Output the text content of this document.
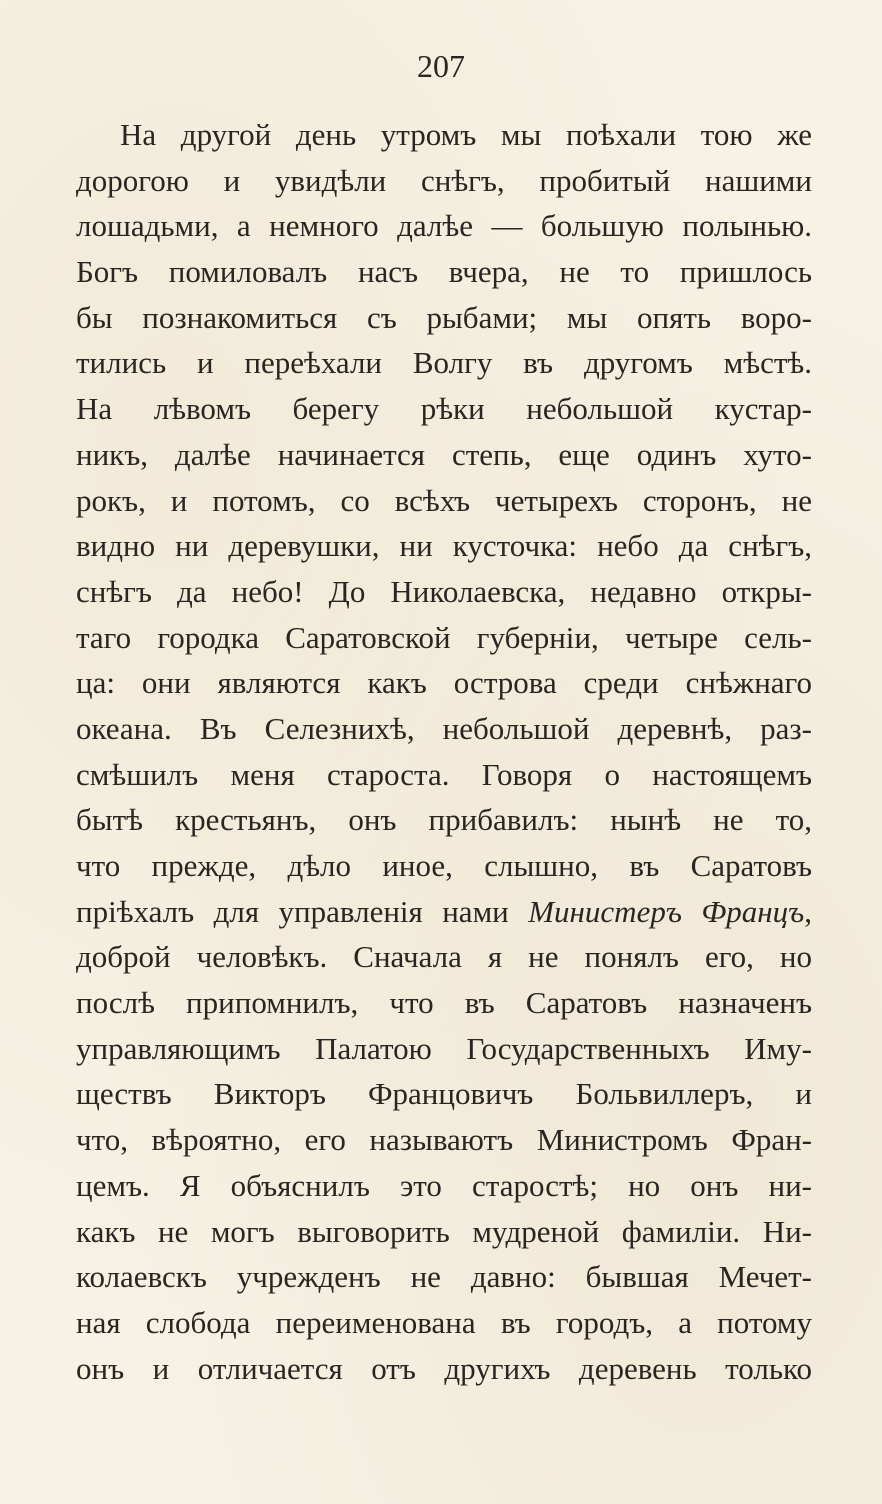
207
На другой день утромъ мы поѣхали тою же
дорогою и увидѣли снѣгъ, пробитый нашими
лошадьми, а немного далѣе — большую полынью.
Богъ помиловалъ насъ вчера, не то пришлось
бы познакомиться съ рыбами; мы опять воро-
тились и переѣхали Волгу въ другомъ мѣстѣ.
На лѣвомъ берегу рѣки небольшой кустар-
никъ, далѣе начинается степь, еще одинъ хуто-
рокъ, и потомъ, со всѣхъ четырехъ сторонъ, не
видно ни деревушки, ни кусточка: небо да снѣгъ,
снѣгъ да небо! До Николаевска, недавно откры-
таго городка Саратовской губерніи, четыре сель-
ца: они являются какъ острова среди снѣжнаго
океана. Въ Селезнихѣ, небольшой деревнѣ, раз-
смѣшилъ меня староста. Говоря о настоящемъ
бытѣ крестьянъ, онъ прибавилъ: нынѣ не то,
что прежде, дѣло иное, слышно, въ Саратовъ
пріѣхалъ для управленія нами Министеръ Францъ,
доброй человѣкъ. Сначала я не понялъ его, но
послѣ припомнилъ, что въ Саратовъ назначенъ
управляющимъ Палатою Государственныхъ Иму-
ществъ Викторъ Францовичъ Больвиллеръ, и
что, вѣроятно, его называютъ Министромъ Фран-
цемъ. Я объяснилъ это старостѣ; но онъ ни-
какъ не могъ выговорить мудреной фамиліи. Ни-
колаевскъ учрежденъ не давно: бывшая Мечет-
ная слобода переименована въ городъ, а потому
онъ и отличается отъ другихъ деревень только
